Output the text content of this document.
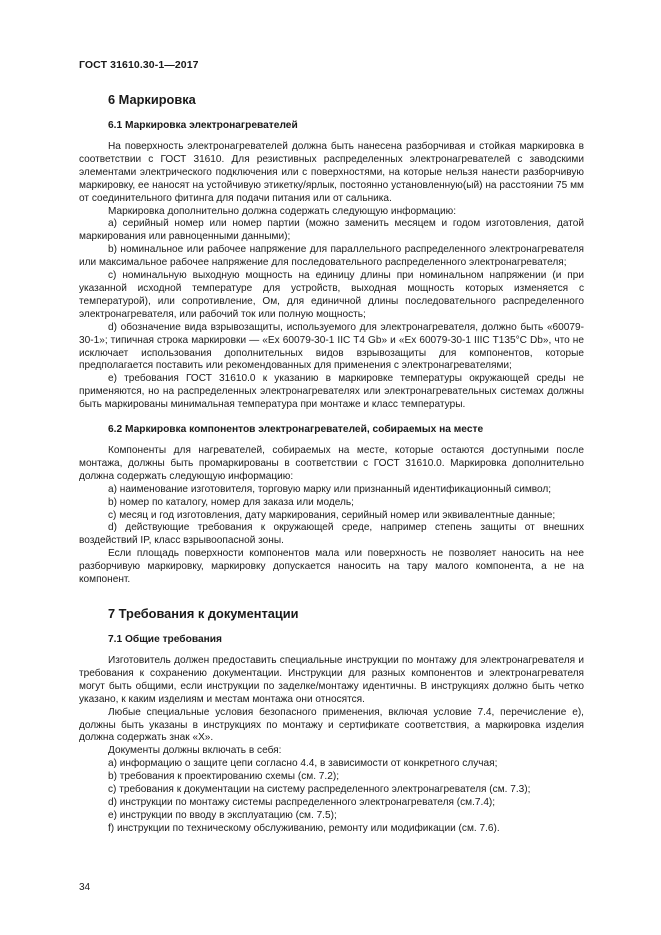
ГОСТ 31610.30-1—2017
6 Маркировка
6.1 Маркировка электронагревателей

На поверхность электронагревателей должна быть нанесена разборчивая и стойкая маркировка в соответствии с ГОСТ 31610. Для резистивных распределенных электронагревателей с заводскими элементами электрического подключения или с поверхностями, на которые нельзя нанести разборчивую маркировку, ее наносят на устойчивую этикетку/ярлык, постоянно установленную(ый) на расстоянии 75 мм от соединительного фитинга для подачи питания или от сальника.

Маркировка дополнительно должна содержать следующую информацию:

а) серийный номер или номер партии (можно заменить месяцем и годом изготовления, датой маркирования или равноценными данными);

b) номинальное или рабочее напряжение для параллельного распределенного электронагревателя или максимальное рабочее напряжение для последовательного распределенного электронагревателя;

c) номинальную выходную мощность на единицу длины при номинальном напряжении (и при указанной исходной температуре для устройств, выходная мощность которых изменяется с температурой), или сопротивление, Ом, для единичной длины последовательного распределенного электронагревателя, или рабочий ток или полную мощность;

d) обозначение вида взрывозащиты, используемого для электронагревателя, должно быть «60079-30-1»; типичная строка маркировки — «Ex 60079-30-1 IIC T4 Gb» и «Ex 60079-30-1 IIIC T135°C Db», что не исключает использования дополнительных видов взрывозащиты для компонентов, которые предполагается поставить или рекомендованных для применения с электронагревателями;

e) требования ГОСТ 31610.0 к указанию в маркировке температуры окружающей среды не применяются, но на распределенных электронагревателях или электронагревательных системах должны быть маркированы минимальная температура при монтаже и класс температуры.

6.2 Маркировка компонентов электронагревателей, собираемых на месте

Компоненты для нагревателей, собираемых на месте, которые остаются доступными после монтажа, должны быть промаркированы в соответствии с ГОСТ 31610.0. Маркировка дополнительно должна содержать следующую информацию:

а) наименование изготовителя, торговую марку или признанный идентификационный символ;

b) номер по каталогу, номер для заказа или модель;

c) месяц и год изготовления, дату маркирования, серийный номер или эквивалентные данные;

d) действующие требования к окружающей среде, например степень защиты от внешних воздействий IP, класс взрывоопасной зоны.

Если площадь поверхности компонентов мала или поверхность не позволяет наносить на нее разборчивую маркировку, маркировку допускается наносить на тару малого компонента, а не на компонент.

7 Требования к документации
7.1 Общие требования

Изготовитель должен предоставить специальные инструкции по монтажу для электронагревателя и требования к сохранению документации. Инструкции для разных компонентов и электронагревателя могут быть общими, если инструкции по заделке/монтажу идентичны. В инструкциях должно быть четко указано, к каким изделиям и местам монтажа они относятся.

Любые специальные условия безопасного применения, включая условие 7.4, перечисление e), должны быть указаны в инструкциях по монтажу и сертификате соответствия, а маркировка изделия должна содержать знак «X».

Документы должны включать в себя:

а) информацию о защите цепи согласно 4.4, в зависимости от конкретного случая;

b) требования к проектированию схемы (см. 7.2);

c) требования к документации на систему распределенного электронагревателя (см. 7.3);

d) инструкции по монтажу системы распределенного электронагревателя (см.7.4);

e) инструкции по вводу в эксплуатацию (см. 7.5);

f) инструкции по техническому обслуживанию, ремонту или модификации (см. 7.6).

34
